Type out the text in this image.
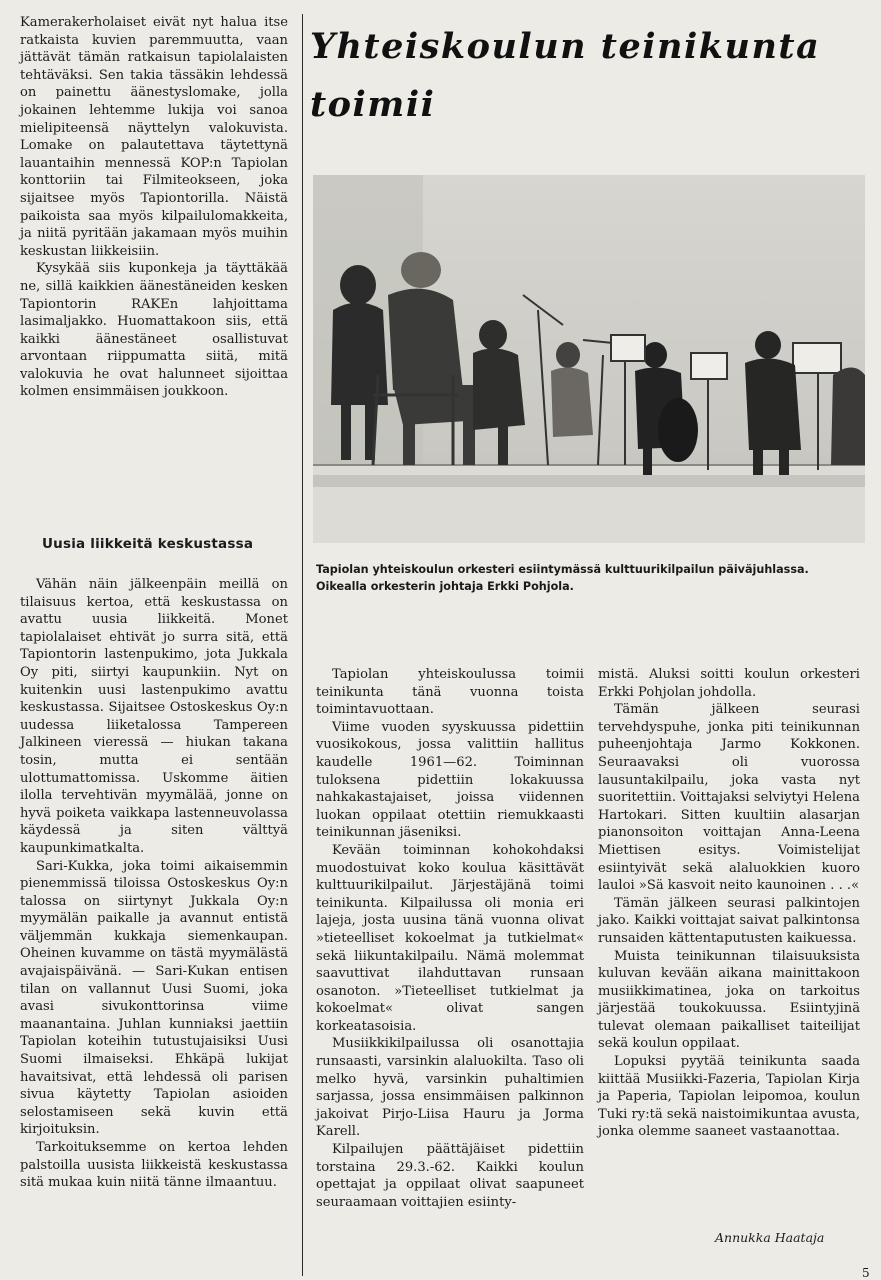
Kamerakerholaiset eivät nyt halua itse ratkaista kuvien paremmuutta, vaan jättävät tämän ratkaisun tapiolalaisten tehtäväksi. Sen takia tässäkin lehdessä on painettu äänestyslomake, jolla jokainen lehtemme lukija voi sanoa mielipiteensä näyttelyn valokuvista. Lomake on palautettava täytettynä lauantaihin mennessä KOP:n Tapiolan konttoriin tai Filmiteokseen, joka sijaitsee myös Tapiontorilla. Näistä paikoista saa myös kilpailulomakkeita, ja niitä pyritään jakamaan myös muihin keskustan liikkeisiin.

Kysykää siis kuponkeja ja täyttäkää ne, sillä kaikkien äänestäneiden kesken Tapiontorin RAKEn lahjoittama lasimaljakko. Huomattakoon siis, että kaikki äänestäneet osallistuvat arvontaan riippumatta siitä, mitä valokuvia he ovat halunneet sijoittaa kolmen ensimmäisen joukkoon.

Uusia liikkeitä keskustassa

Vähän näin jälkeenpäin meillä on tilaisuus kertoa, että keskustassa on avattu uusia liikkeitä. Monet tapiolalaiset ehtivät jo surra sitä, että Tapiontorin lastenpukimo, jota Jukkala Oy piti, siirtyi kaupunkiin. Nyt on kuitenkin uusi lastenpukimo avattu keskustassa. Sijaitsee Ostoskeskus Oy:n uudessa liiketalossa Tampereen Jalkineen vieressä — hiukan takana tosin, mutta ei sentään ulottumattomissa. Uskomme äitien ilolla tervehtivän myymälää, jonne on hyvä poiketa vaikkapa lastenneuvolassa käydessä ja siten välttyä kaupunkimatkalta.

Sari-Kukka, joka toimi aikaisemmin pienemmissä tiloissa Ostoskeskus Oy:n talossa on siirtynyt Jukkala Oy:n myymälän paikalle ja avannut entistä väljemmän kukkaja siemenkaupan. Oheinen kuvamme on tästä myymälästä avajaispäivänä. — Sari-Kukan entisen tilan on vallannut Uusi Suomi, joka avasi sivukonttorinsa viime maanantaina. Juhlan kunniaksi jaettiin Tapiolan koteihin tutustujaisiksi Uusi Suomi ilmaiseksi. Ehkäpä lukijat havaitsivat, että lehdessä oli parisen sivua käytetty Tapiolan asioiden selostamiseen sekä kuvin että kirjoituksin.

Tarkoituksemme on kertoa lehden palstoilla uusista liikkeistä keskustassa sitä mukaa kuin niitä tänne ilmaantuu.

Yhteiskoulun teinikunta
toimii
Tapiolan yhteiskoulun orkesteri esiintymässä kulttuurikilpailun päiväjuhlassa.
Oikealla orkesterin johtaja Erkki Pohjola.

Tapiolan yhteiskoulussa toimii teinikunta tänä vuonna toista toimintavuottaan.

Viime vuoden syyskuussa pidettiin vuosikokous, jossa valittiin hallitus kaudelle 1961—62. Toiminnan tuloksena pidettiin lokakuussa nahkakastajaiset, joissa viidennen luokan oppilaat otettiin riemukkaasti teinikunnan jäseniksi.

Kevään toiminnan kohokohdaksi muodostuivat koko koulua käsittävät kulttuurikilpailut. Järjestäjänä toimi teinikunta. Kilpailussa oli monia eri lajeja, josta uusina tänä vuonna olivat »tieteelliset kokoelmat ja tutkielmat« sekä liikuntakilpailu. Nämä molemmat saavuttivat ilahduttavan runsaan osanoton. »Tieteelliset tutkielmat ja kokoelmat« olivat sangen korkeatasoisia.

Musiikkikilpailussa oli osanottajia runsaasti, varsinkin alaluokilta. Taso oli melko hyvä, varsinkin puhaltimien sarjassa, jossa ensimmäisen palkinnon jakoivat Pirjo-Liisa Hauru ja Jorma Karell.

Kilpailujen päättäjäiset pidettiin torstaina 29.3.-62. Kaikki koulun opettajat ja oppilaat olivat saapuneet seuraamaan voittajien esiinty-

mistä. Aluksi soitti koulun orkesteri Erkki Pohjolan johdolla.

Tämän jälkeen seurasi tervehdyspuhe, jonka piti teinikunnan puheenjohtaja Jarmo Kokkonen. Seuraavaksi oli vuorossa lausuntakilpailu, joka vasta nyt suoritettiin. Voittajaksi selviytyi Helena Hartokari. Sitten kuultiin alasarjan pianonsoiton voittajan Anna-Leena Miettisen esitys. Voimistelijat esiintyivät sekä alaluokkien kuoro lauloi »Sä kasvoit neito kaunoinen . . .«

Tämän jälkeen seurasi palkintojen jako. Kaikki voittajat saivat palkintonsa runsaiden kättentaputusten kaikuessa.

Muista teinikunnan tilaisuuksista kuluvan kevään aikana mainittakoon musiikkimatinea, joka on tarkoitus järjestää toukokuussa. Esiintyjinä tulevat olemaan paikalliset taiteilijat sekä koulun oppilaat.

Lopuksi pyytää teinikunta saada kiittää Musiikki-Fazeria, Tapiolan Kirja ja Paperia, Tapiolan leipomoa, koulun Tuki ry:tä sekä naistoimikuntaa avusta, jonka olemme saaneet vastaanottaa.

Annukka Haataja
5
